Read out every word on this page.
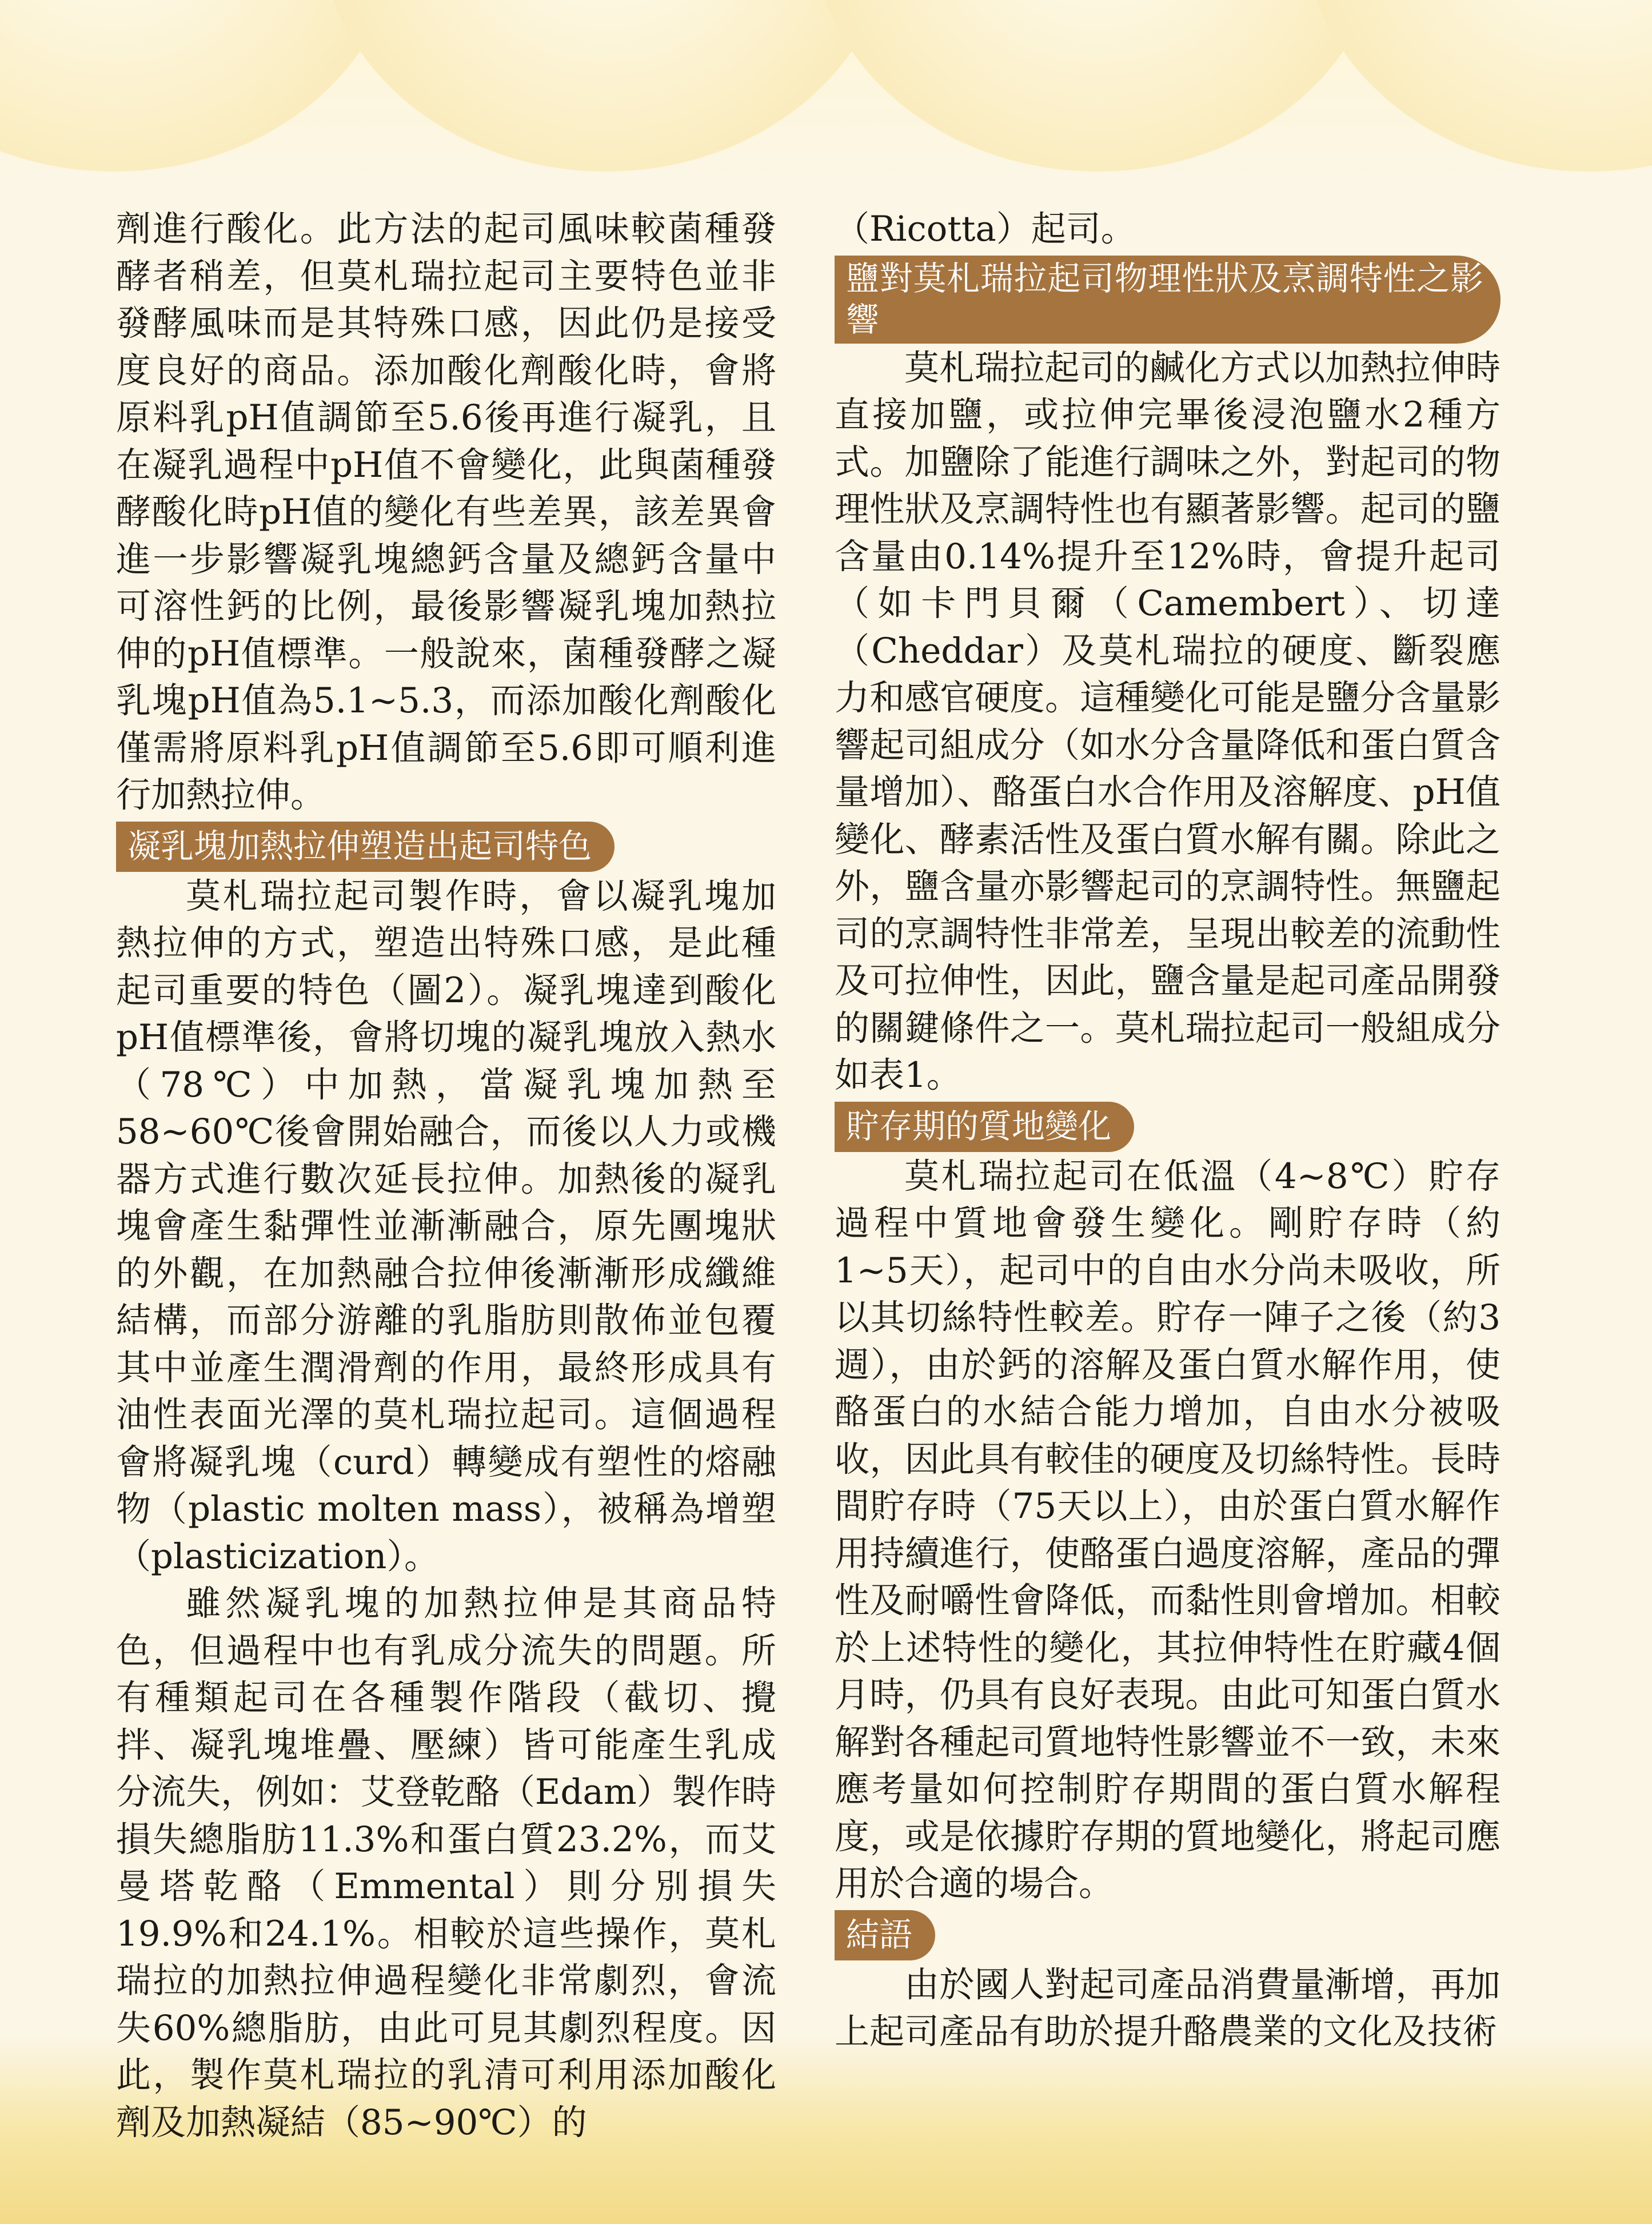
劑進行酸化。此方法的起司風味較菌種發酵者稍差，但莫札瑞拉起司主要特色並非發酵風味而是其特殊口感，因此仍是接受度良好的商品。添加酸化劑酸化時，會將原料乳pH值調節至5.6後再進行凝乳，且在凝乳過程中pH值不會變化，此與菌種發酵酸化時pH值的變化有些差異，該差異會進一步影響凝乳塊總鈣含量及總鈣含量中可溶性鈣的比例，最後影響凝乳塊加熱拉伸的pH值標準。一般說來，菌種發酵之凝乳塊pH值為5.1~5.3，而添加酸化劑酸化僅需將原料乳pH值調節至5.6即可順利進行加熱拉伸。

凝乳塊加熱拉伸塑造出起司特色

莫札瑞拉起司製作時，會以凝乳塊加熱拉伸的方式，塑造出特殊口感，是此種起司重要的特色（圖2）。凝乳塊達到酸化pH值標準後，會將切塊的凝乳塊放入熱水（78℃）中加熱，當凝乳塊加熱至58~60℃後會開始融合，而後以人力或機器方式進行數次延長拉伸。加熱後的凝乳塊會產生黏彈性並漸漸融合，原先團塊狀的外觀，在加熱融合拉伸後漸漸形成纖維結構，而部分游離的乳脂肪則散佈並包覆其中並產生潤滑劑的作用，最終形成具有油性表面光澤的莫札瑞拉起司。這個過程會將凝乳塊（curd）轉變成有塑性的熔融物（plastic molten mass），被稱為增塑（plasticization）。

雖然凝乳塊的加熱拉伸是其商品特色，但過程中也有乳成分流失的問題。所有種類起司在各種製作階段（截切、攪拌、凝乳塊堆疊、壓練）皆可能產生乳成分流失，例如：艾登乾酪（Edam）製作時損失總脂肪11.3%和蛋白質23.2%，而艾曼塔乾酪（Emmental）則分別損失19.9%和24.1%。相較於這些操作，莫札瑞拉的加熱拉伸過程變化非常劇烈，會流失60%總脂肪，由此可見其劇烈程度。因此，製作莫札瑞拉的乳清可利用添加酸化劑及加熱凝結（85~90℃）的

（Ricotta）起司。

鹽對莫札瑞拉起司物理性狀及烹調特性之影響

莫札瑞拉起司的鹹化方式以加熱拉伸時直接加鹽，或拉伸完畢後浸泡鹽水2種方式。加鹽除了能進行調味之外，對起司的物理性狀及烹調特性也有顯著影響。起司的鹽含量由0.14%提升至12%時，會提升起司（如卡門貝爾（Camembert）、切達（Cheddar）及莫札瑞拉的硬度、斷裂應力和感官硬度。這種變化可能是鹽分含量影響起司組成分（如水分含量降低和蛋白質含量增加）、酪蛋白水合作用及溶解度、pH值變化、酵素活性及蛋白質水解有關。除此之外，鹽含量亦影響起司的烹調特性。無鹽起司的烹調特性非常差，呈現出較差的流動性及可拉伸性，因此，鹽含量是起司產品開發的關鍵條件之一。莫札瑞拉起司一般組成分如表1。

貯存期的質地變化

莫札瑞拉起司在低溫（4~8℃）貯存過程中質地會發生變化。剛貯存時（約1~5天），起司中的自由水分尚未吸收，所以其切絲特性較差。貯存一陣子之後（約3週），由於鈣的溶解及蛋白質水解作用，使酪蛋白的水結合能力增加，自由水分被吸收，因此具有較佳的硬度及切絲特性。長時間貯存時（75天以上），由於蛋白質水解作用持續進行，使酪蛋白過度溶解，產品的彈性及耐嚼性會降低，而黏性則會增加。相較於上述特性的變化，其拉伸特性在貯藏4個月時，仍具有良好表現。由此可知蛋白質水解對各種起司質地特性影響並不一致，未來應考量如何控制貯存期間的蛋白質水解程度，或是依據貯存期的質地變化，將起司應用於合適的場合。

結語

由於國人對起司產品消費量漸增，再加上起司產品有助於提升酪農業的文化及技術
